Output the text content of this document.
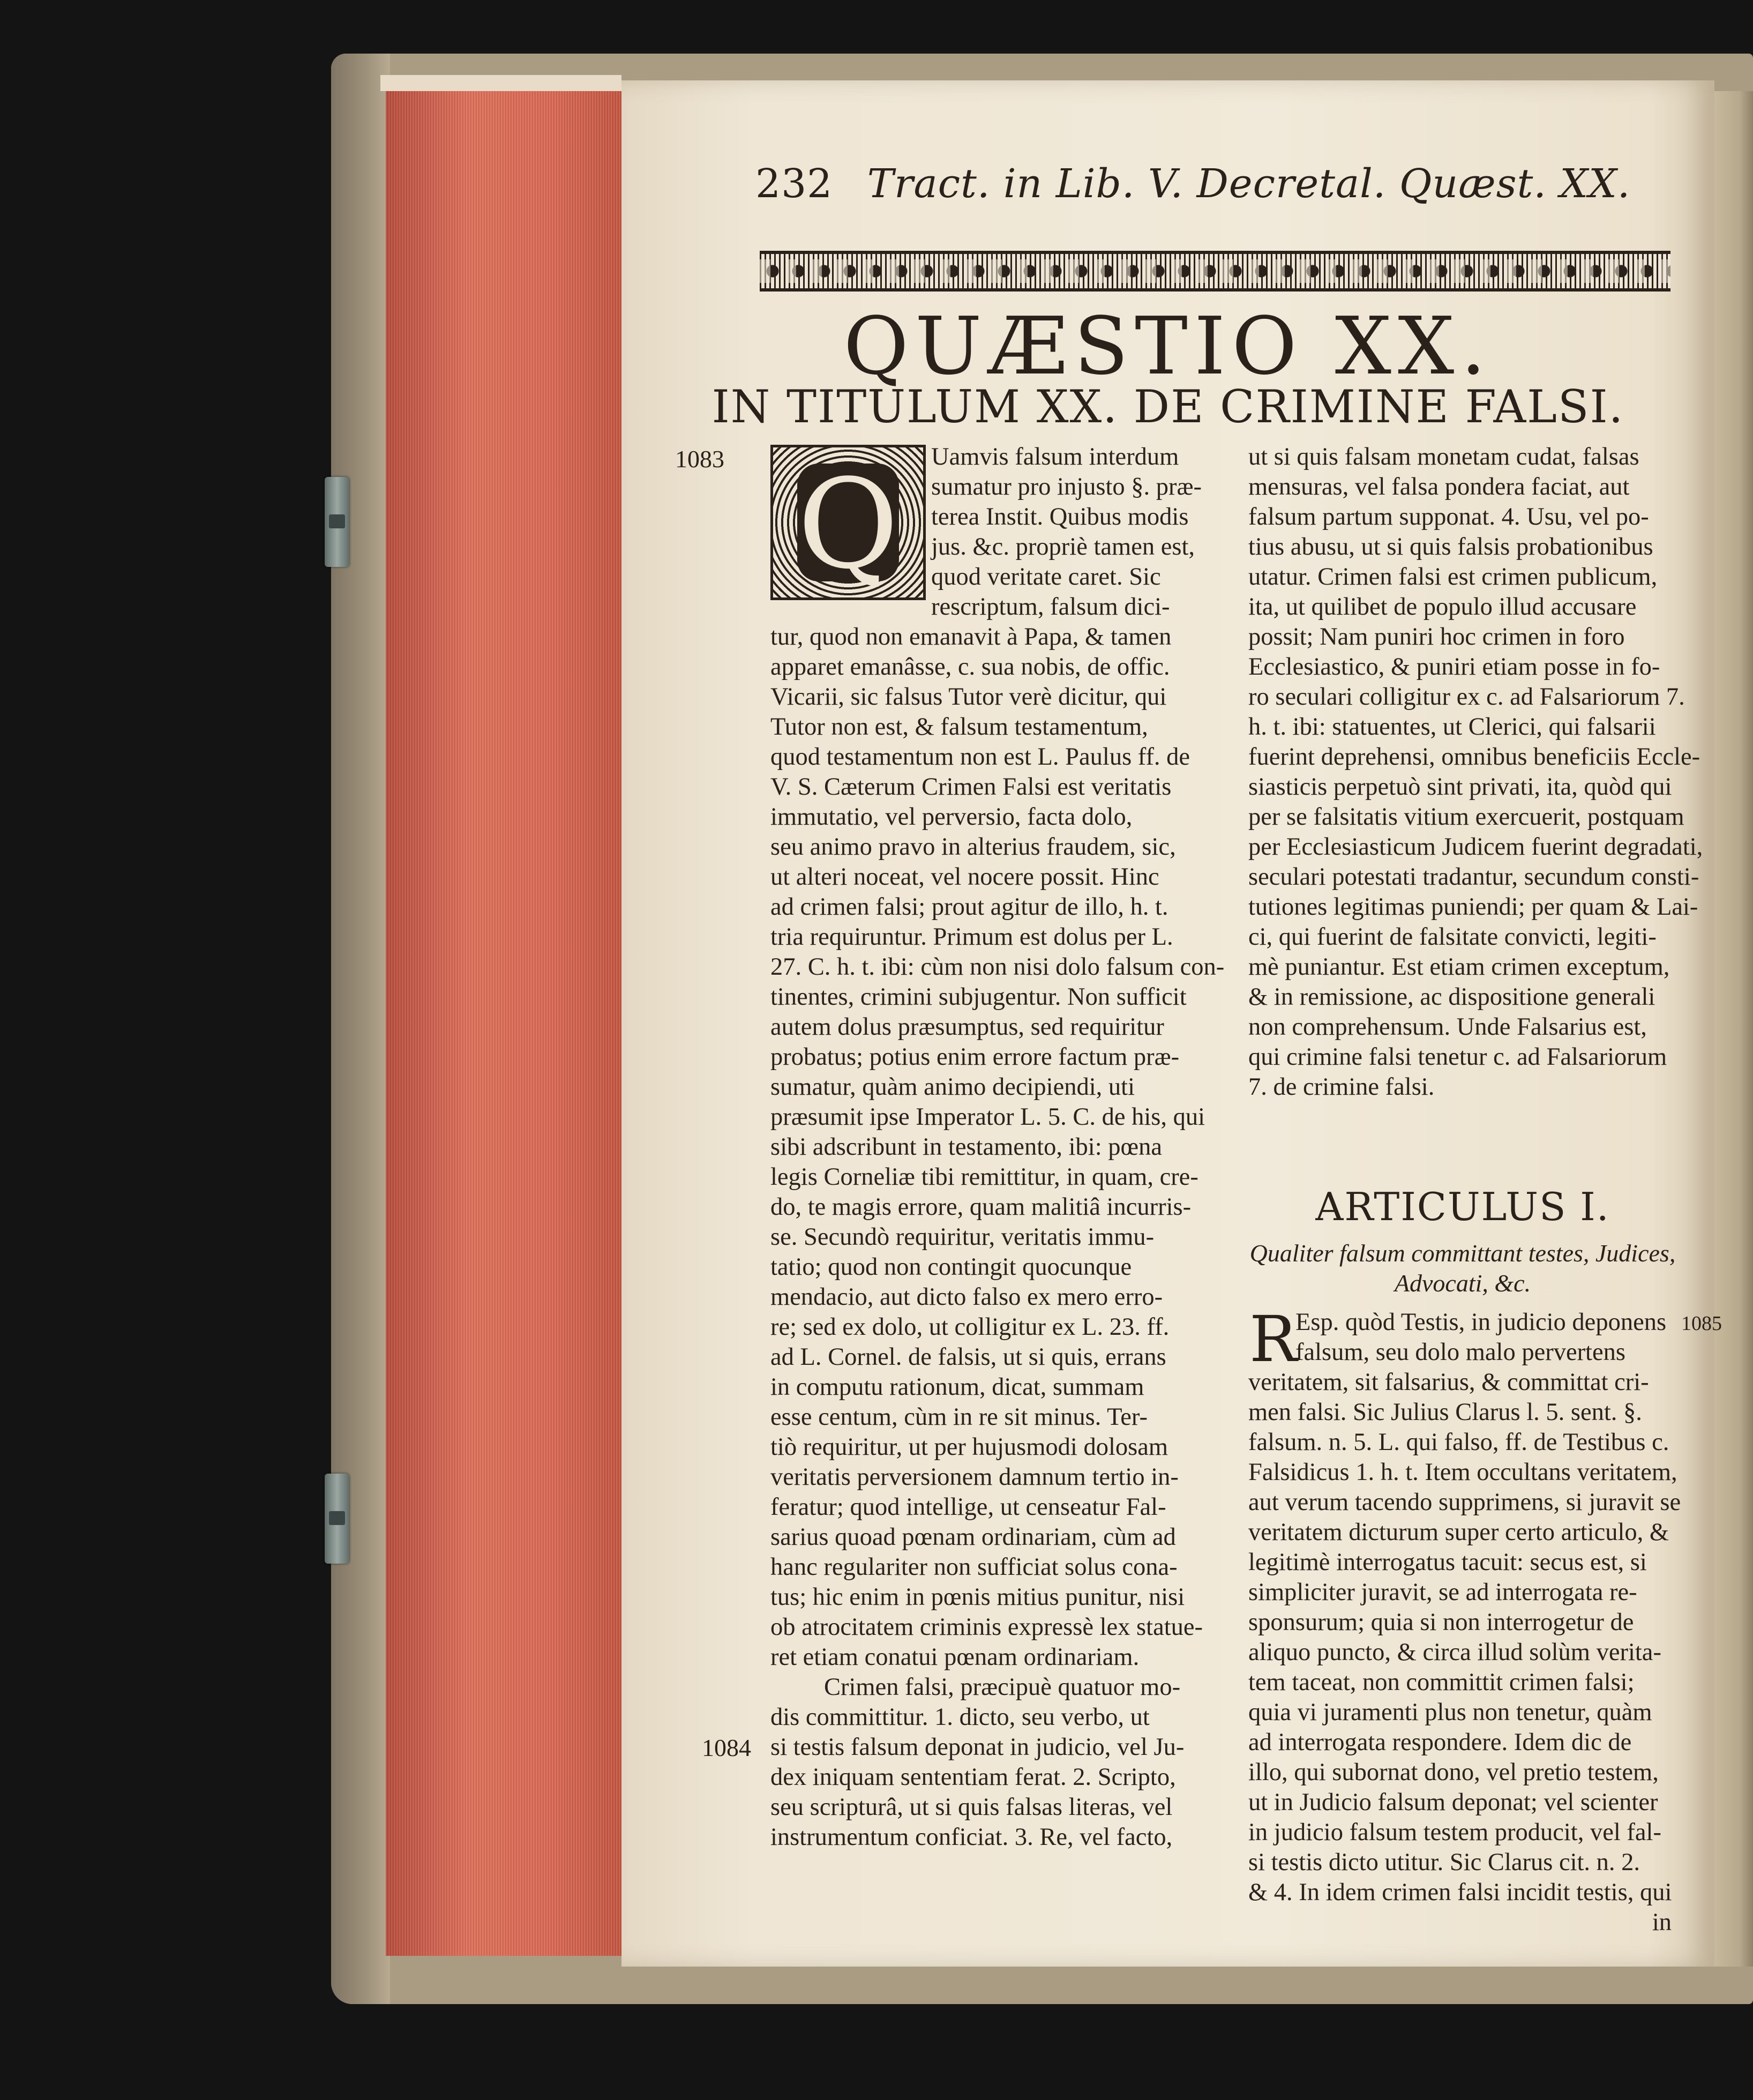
232 Tract. in Lib. V. Decretal. Quæst. XX.
QUÆSTIO XX.
IN TITULUM XX. DE CRIMINE FALSI.
1083
1084
1085
Q	Uamvis falsum interdum
sumatur pro injusto §. præ-
terea Instit. Quibus modis
jus. &c. propriè tamen est,
quod veritate caret. Sic
rescriptum, falsum dici-
tur, quod non emanavit à Papa, & tamen
apparet emanâsse, c. sua nobis, de offic.
Vicarii, sic falsus Tutor verè dicitur, qui
Tutor non est, & falsum testamentum,
quod testamentum non est L. Paulus ff. de
V. S. Cæterum Crimen Falsi est veritatis
immutatio, vel perversio, facta dolo,
seu animo pravo in alterius fraudem, sic,
ut alteri noceat, vel nocere possit. Hinc
ad crimen falsi; prout agitur de illo, h. t.
tria requiruntur. Primum est dolus per L.
27. C. h. t. ibi: cùm non nisi dolo falsum con-
tinentes, crimini subjugentur. Non sufficit
autem dolus præsumptus, sed requiritur
probatus; potius enim errore factum præ-
sumatur, quàm animo decipiendi, uti
præsumit ipse Imperator L. 5. C. de his, qui
sibi adscribunt in testamento, ibi: pœna
legis Corneliæ tibi remittitur, in quam, cre-
do, te magis errore, quam malitiâ incurris-
se. Secundò requiritur, veritatis immu-
tatio; quod non contingit quocunque
mendacio, aut dicto falso ex mero erro-
re; sed ex dolo, ut colligitur ex L. 23. ff.
ad L. Cornel. de falsis, ut si quis, errans
in computu rationum, dicat, summam
esse centum, cùm in re sit minus. Ter-
tiò requiritur, ut per hujusmodi dolosam
veritatis perversionem damnum tertio in-
feratur; quod intellige, ut censeatur Fal-
sarius quoad pœnam ordinariam, cùm ad
hanc regulariter non sufficiat solus cona-
tus; hic enim in pœnis mitius punitur, nisi
ob atrocitatem criminis expressè lex statue-
ret etiam conatui pœnam ordinariam.
Crimen falsi, præcipuè quatuor mo-
dis committitur. 1. dicto, seu verbo, ut
si testis falsum deponat in judicio, vel Ju-
dex iniquam sententiam ferat. 2. Scripto,
seu scripturâ, ut si quis falsas literas, vel
instrumentum conficiat. 3. Re, vel facto,
ut si quis falsam monetam cudat, falsas
mensuras, vel falsa pondera faciat, aut
falsum partum supponat. 4. Usu, vel po-
tius abusu, ut si quis falsis probationibus
utatur. Crimen falsi est crimen publicum,
ita, ut quilibet de populo illud accusare
possit; Nam puniri hoc crimen in foro
Ecclesiastico, & puniri etiam posse in fo-
ro seculari colligitur ex c. ad Falsariorum 7.
h. t. ibi: statuentes, ut Clerici, qui falsarii
fuerint deprehensi, omnibus beneficiis Eccle-
siasticis perpetuò sint privati, ita, quòd qui
per se falsitatis vitium exercuerit, postquam
per Ecclesiasticum Judicem fuerint degradati,
seculari potestati tradantur, secundum consti-
tutiones legitimas puniendi; per quam & Lai-
ci, qui fuerint de falsitate convicti, legiti-
mè puniantur. Est etiam crimen exceptum,
& in remissione, ac dispositione generali
non comprehensum. Unde Falsarius est,
qui crimine falsi tenetur c. ad Falsariorum
7. de crimine falsi.
ARTICULUS I.
Qualiter falsum committant testes, Judices,
Advocati, &c.
R
Esp. quòd Testis, in judicio deponens
falsum, seu dolo malo pervertens
veritatem, sit falsarius, & committat cri-
men falsi. Sic Julius Clarus l. 5. sent. §.
falsum. n. 5. L. qui falso, ff. de Testibus c.
Falsidicus 1. h. t. Item occultans veritatem,
aut verum tacendo supprimens, si juravit se
veritatem dicturum super certo articulo, &
legitimè interrogatus tacuit: secus est, si
simpliciter juravit, se ad interrogata re-
sponsurum; quia si non interrogetur de
aliquo puncto, & circa illud solùm verita-
tem taceat, non committit crimen falsi;
quia vi juramenti plus non tenetur, quàm
ad interrogata respondere. Idem dic de
illo, qui subornat dono, vel pretio testem,
ut in Judicio falsum deponat; vel scienter
in judicio falsum testem producit, vel fal-
si testis dicto utitur. Sic Clarus cit. n. 2.
& 4. In idem crimen falsi incidit testis, qui
in
